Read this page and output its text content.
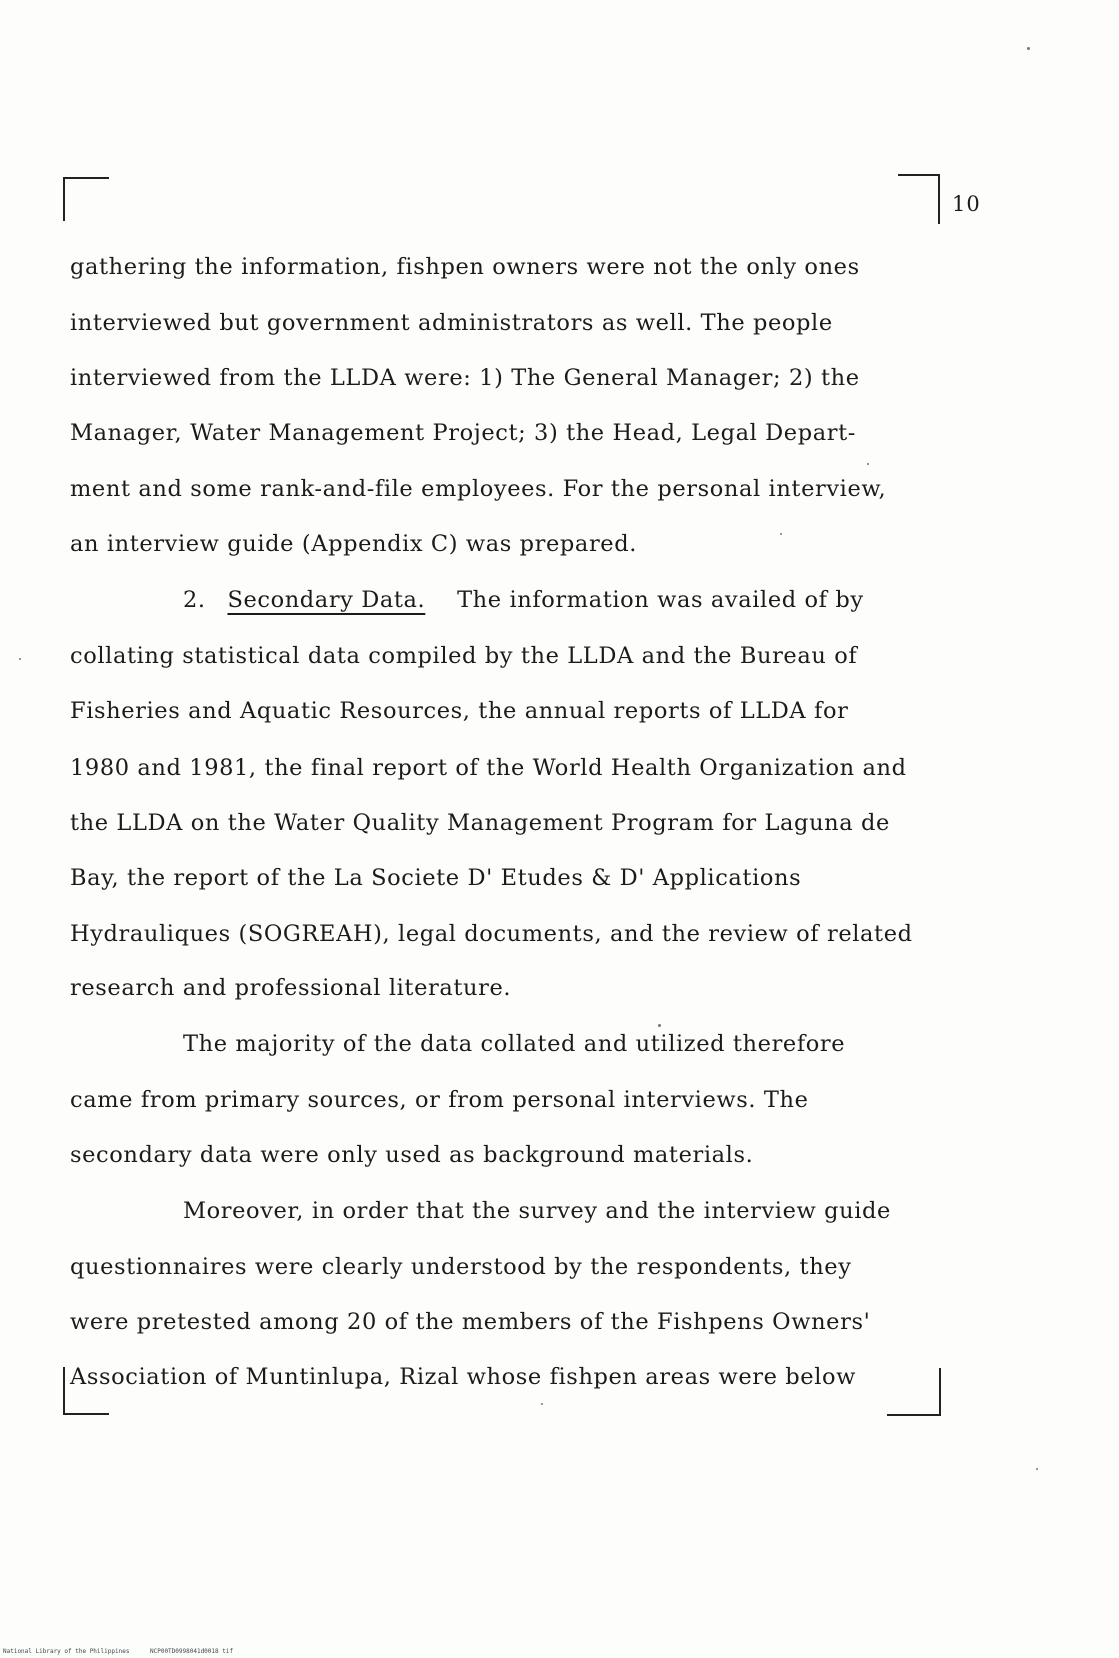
10
gathering the information, fishpen owners were not the only ones
interviewed but government administrators as well. The people
interviewed from the LLDA were: 1) The General Manager; 2) the
Manager, Water Management Project; 3) the Head, Legal Depart-
ment and some rank-and-file employees. For the personal interview,
an interview guide (Appendix C) was prepared.
2. Secondary Data. The information was availed of by
collating statistical data compiled by the LLDA and the Bureau of
Fisheries and Aquatic Resources, the annual reports of LLDA for
1980 and 1981, the final report of the World Health Organization and
the LLDA on the Water Quality Management Program for Laguna de
Bay, the report of the La Societe D' Etudes & D' Applications
Hydrauliques (SOGREAH), legal documents, and the review of related
research and professional literature.
The majority of the data collated and utilized therefore
came from primary sources, or from personal interviews. The
secondary data were only used as background materials.
Moreover, in order that the survey and the interview guide
questionnaires were clearly understood by the respondents, they
were pretested among 20 of the members of the Fishpens Owners'
Association of Muntinlupa, Rizal whose fishpen areas were below
National Library of the Philippines	NCP00TD0998041d0018 tif
